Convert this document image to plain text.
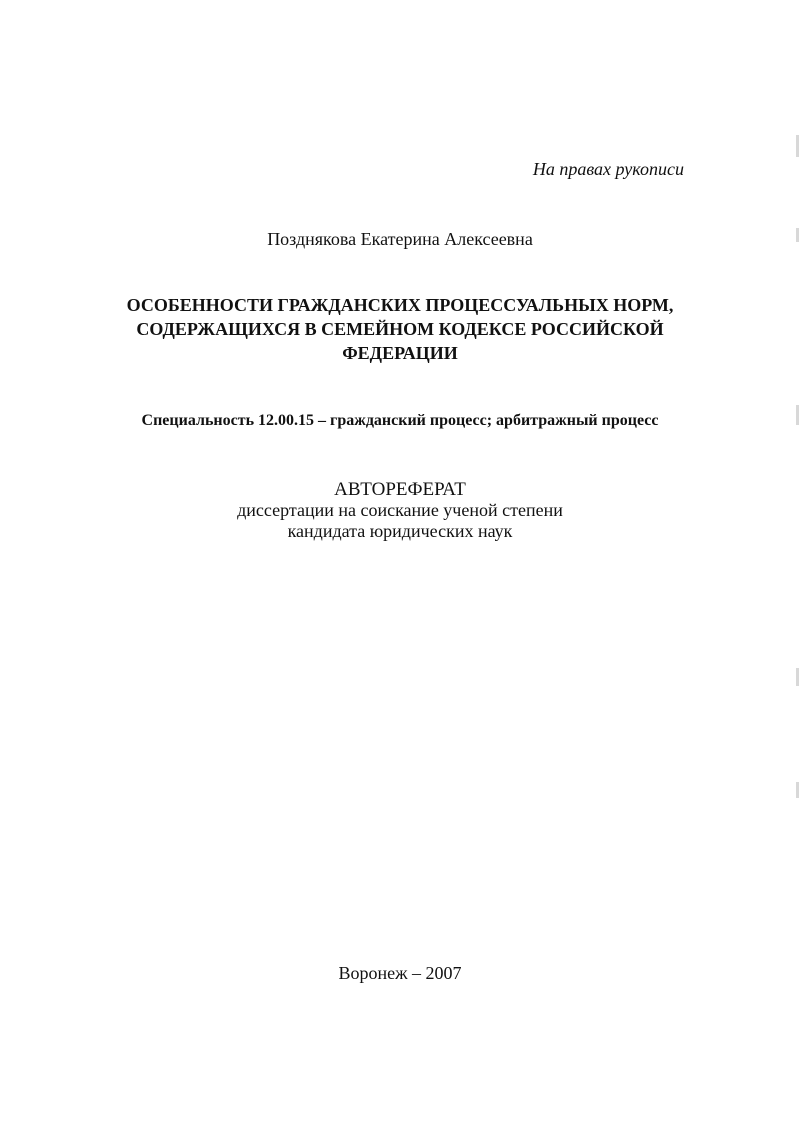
На правах рукописи
Позднякова Екатерина Алексеевна
ОСОБЕННОСТИ ГРАЖДАНСКИХ ПРОЦЕССУАЛЬНЫХ НОРМ,
СОДЕРЖАЩИХСЯ В СЕМЕЙНОМ КОДЕКСЕ РОССИЙСКОЙ
ФЕДЕРАЦИИ
Специальность 12.00.15 – гражданский процесс; арбитражный процесс
АВТОРЕФЕРАТ
диссертации на соискание ученой степени
кандидата юридических наук
Воронеж – 2007
